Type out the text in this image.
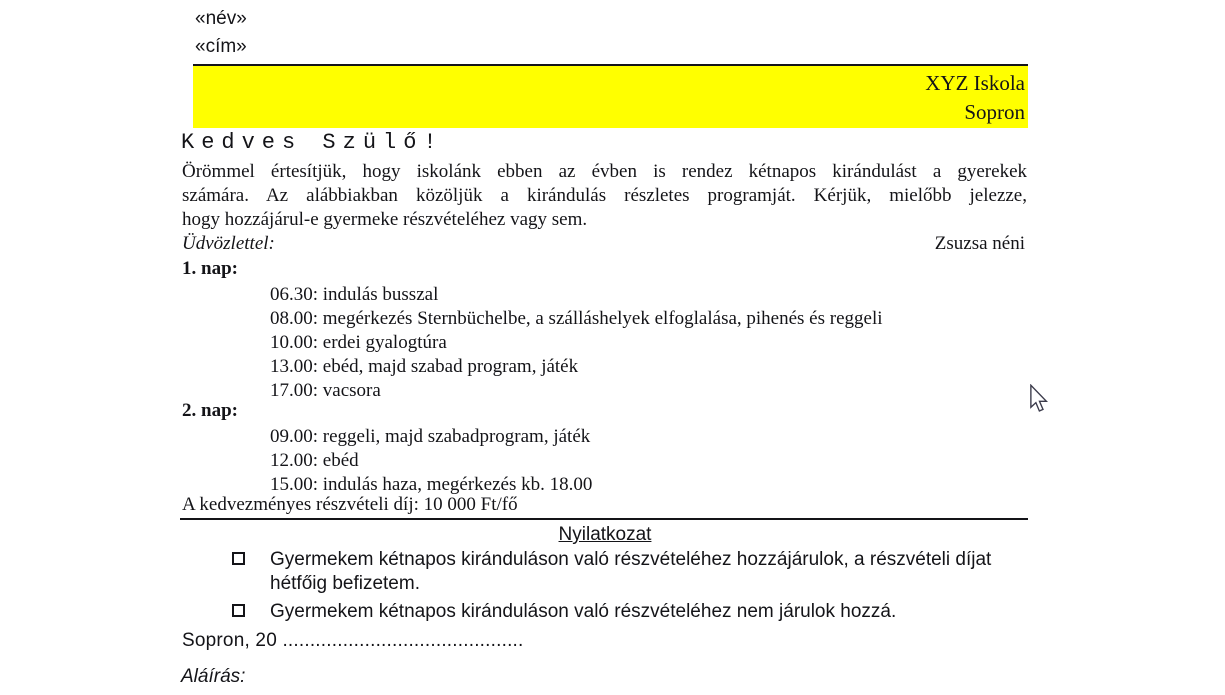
«név»
«cím»
XYZ Iskola
Sopron
Kedves Szülő!
Örömmel értesítjük, hogy iskolánk ebben az évben is rendez kétnapos kirándulást a gyerekek
számára. Az alábbiakban közöljük a kirándulás részletes programját. Kérjük, mielőbb jelezze,
hogy hozzájárul-e gyermeke részvételéhez vagy sem.
Üdvözlettel:	Zsuzsa néni
1. nap:
06.30: indulás busszal
08.00: megérkezés Sternbüchelbe, a szálláshelyek elfoglalása, pihenés és reggeli
10.00: erdei gyalogtúra
13.00: ebéd, majd szabad program, játék
17.00: vacsora
2. nap:
09.00: reggeli, majd szabadprogram, játék
12.00: ebéd
15.00: indulás haza, megérkezés kb. 18.00
A kedvezményes részvételi díj: 10 000 Ft/fő
Nyilatkozat
Gyermekem kétnapos kiránduláson való részvételéhez hozzájárulok, a részvételi díjat hétfőig befizetem.
Gyermekem kétnapos kiránduláson való részvételéhez nem járulok hozzá.
Sopron, 20 ............................................
Aláírás:
